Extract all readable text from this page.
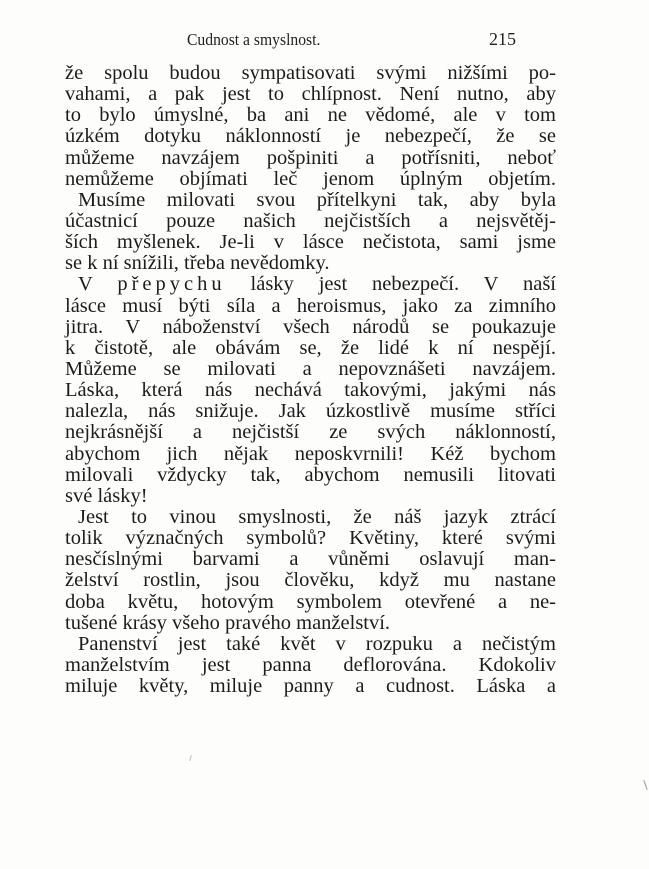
Cudnost a smyslnost.	215
že spolu budou sympatisovati svými nižšími po-
vahami, a pak jest to chlípnost. Není nutno, aby
to bylo úmyslné, ba ani ne vědomé, ale v tom
úzkém dotyku náklonností je nebezpečí, že se
můžeme navzájem pošpiniti a potřísniti, neboť
nemůžeme objímati leč jenom úplným objetím.
Musíme milovati svou přítelkyni tak, aby byla
účastnicí pouze našich nejčistších a nejsvětěj-
ších myšlenek. Je-li v lásce nečistota, sami jsme
se k ní snížili, třeba nevědomky.
V přepychu lásky jest nebezpečí. V naší
lásce musí býti síla a heroismus, jako za zimního
jitra. V náboženství všech národů se poukazuje
k čistotě, ale obávám se, že lidé k ní nespějí.
Můžeme se milovati a nepovznášeti navzájem.
Láska, která nás nechává takovými, jakými nás
nalezla, nás snižuje. Jak úzkostlivě musíme stříci
nejkrásnější a nejčistší ze svých náklonností,
abychom jich nějak neposkvrnili! Kéž bychom
milovali vždycky tak, abychom nemusili litovati
své lásky!
Jest to vinou smyslnosti, že náš jazyk ztrácí
tolik význačných symbolů? Květiny, které svými
nesčíslnými barvami a vůněmi oslavují man-
želství rostlin, jsou člověku, když mu nastane
doba květu, hotovým symbolem otevřené a ne-
tušené krásy všeho pravého manželství.
Panenství jest také květ v rozpuku a nečistým
manželstvím jest panna deflorována. Kdokoliv
miluje květy, miluje panny a cudnost. Láska a
